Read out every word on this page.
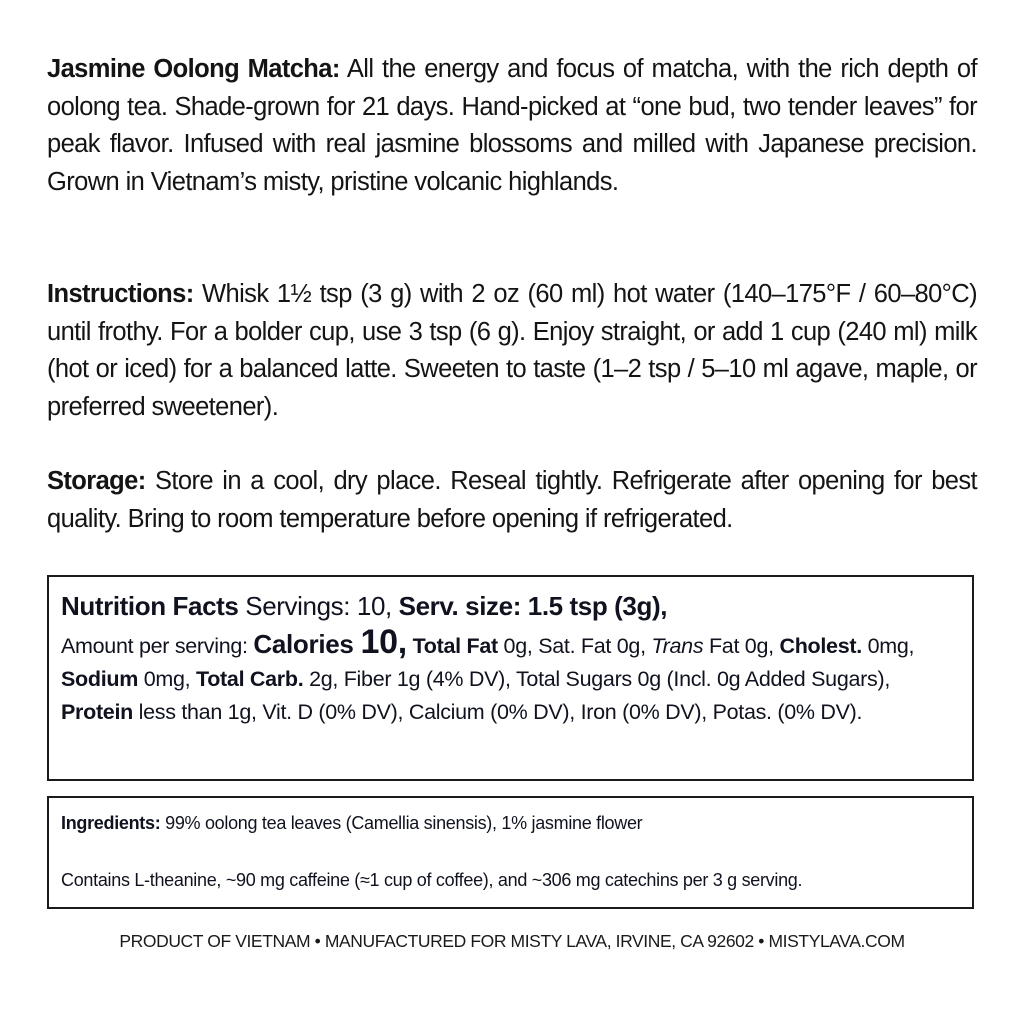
Jasmine Oolong Matcha: All the energy and focus of matcha, with the rich depth of oolong tea. Shade-grown for 21 days. Hand-picked at “one bud, two tender leaves” for peak flavor. Infused with real jasmine blossoms and milled with Japanese precision. Grown in Vietnam’s misty, pristine volcanic highlands.
Instructions: Whisk 1½ tsp (3 g) with 2 oz (60 ml) hot water (140–175°F / 60–80°C) until frothy. For a bolder cup, use 3 tsp (6 g). Enjoy straight, or add 1 cup (240 ml) milk (hot or iced) for a balanced latte. Sweeten to taste (1–2 tsp / 5–10 ml agave, maple, or preferred sweetener).
Storage: Store in a cool, dry place. Reseal tightly. Refrigerate after opening for best quality. Bring to room temperature before opening if refrigerated.
Nutrition Facts Servings: 10, Serv. size: 1.5 tsp (3g),
Amount per serving: Calories 10, Total Fat 0g, Sat. Fat 0g, Trans Fat 0g, Cholest. 0mg, Sodium 0mg, Total Carb. 2g, Fiber 1g (4% DV), Total Sugars 0g (Incl. 0g Added Sugars), Protein less than 1g, Vit. D (0% DV), Calcium (0% DV), Iron (0% DV), Potas. (0% DV).
Ingredients: 99% oolong tea leaves (Camellia sinensis), 1% jasmine flower
Contains L-theanine, ~90 mg caffeine (≈1 cup of coffee), and ~306 mg catechins per 3 g serving.
PRODUCT OF VIETNAM • MANUFACTURED FOR MISTY LAVA, IRVINE, CA 92602 • MISTYLAVA.COM
